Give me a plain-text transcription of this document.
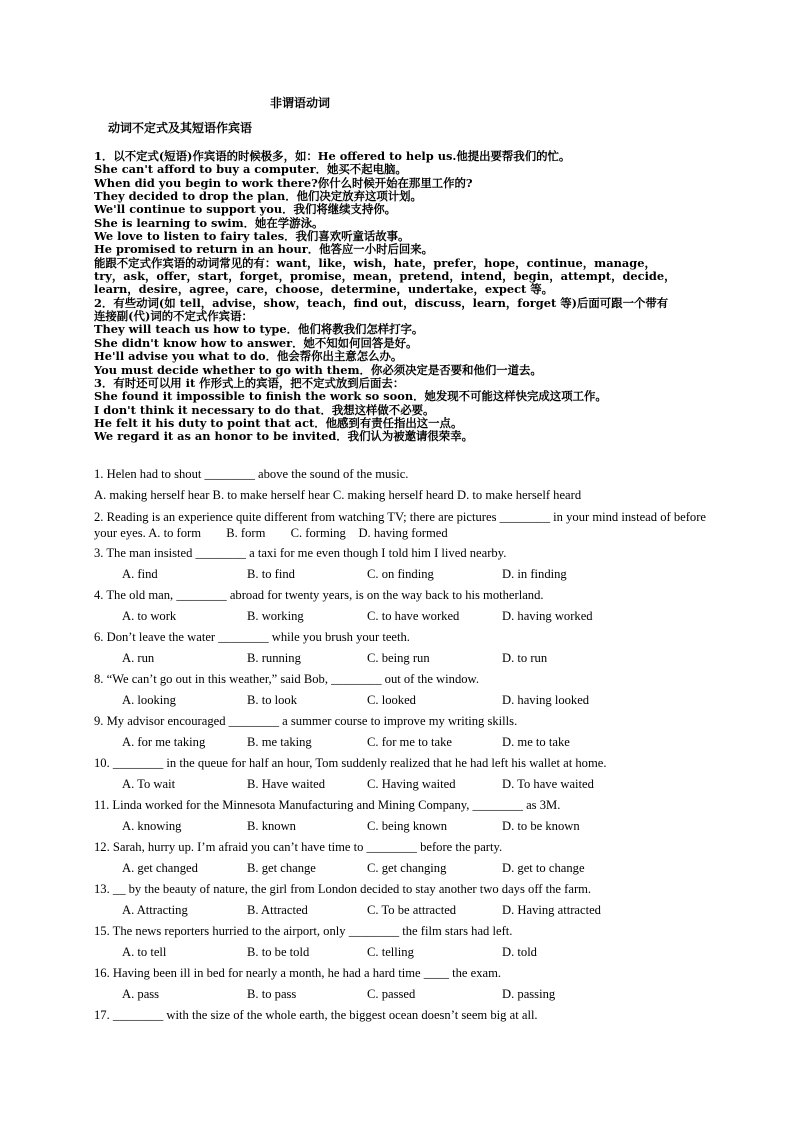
非谓语动词
动词不定式及其短语作宾语
1．以不定式(短语)作宾语的时候极多，如：He offered to help us.他提出要帮我们的忙。
She can't afford to buy a computer．她买不起电脑。
When did you begin to work there?你什么时候开始在那里工作的?
They decided to drop the plan．他们决定放弃这项计划。
We'll continue to support you．我们将继续支持你。
She is learning to swim．她在学游泳。
We love to listen to fairy tales．我们喜欢听童话故事。
He promised to return in an hour．他答应一小时后回来。
能跟不定式作宾语的动词常见的有：want，like，wish，hate，prefer，hope，continue，manage，
try，ask，offer，start，forget，promise，mean，pretend，intend，begin，attempt，decide，
learn，desire，agree，care，choose，determine，undertake，expect 等。
2．有些动词(如 tell，advise，show，teach，find out，discuss，learn，forget 等)后面可跟一个带有
连接副(代)词的不定式作宾语：
They will teach us how to type．他们将教我们怎样打字。
She didn't know how to answer．她不知如何回答是好。
He'll advise you what to do．他会帮你出主意怎么办。
You must decide whether to go with them．你必须决定是否要和他们一道去。
3．有时还可以用 it 作形式上的宾语，把不定式放到后面去：
She found it impossible to finish the work so soon．她发现不可能这样快完成这项工作。
I don't think it necessary to do that．我想这样做不必要。
He felt it his duty to point that act．他感到有责任指出这一点。
We regard it as an honor to be invited．我们认为被邀请很荣幸。
1. Helen had to shout ________ above the sound of the music.
A. making herself hear B. to make herself hear C. making herself heard D. to make herself heard
2. Reading is an experience quite different from watching TV; there are pictures ________ in your mind instead of before your eyes. A. to form　　B. form　　C. forming　D. having formed
3. The man insisted ________ a taxi for me even though I told him I lived nearby.
A. find	B. to find	C. on finding	D. in finding
4. The old man, ________ abroad for twenty years, is on the way back to his motherland.
A. to work	B. working	C. to have worked	D. having worked
6. Don’t leave the water ________ while you brush your teeth.
A. run	B. running	C. being run	D. to run
8. “We can’t go out in this weather,” said Bob, ________ out of the window.
A. looking	B. to look	C. looked	D. having looked
9. My advisor encouraged ________ a summer course to improve my writing skills.
A. for me taking	B. me taking	C. for me to take	D. me to take
10. ________ in the queue for half an hour, Tom suddenly realized that he had left his wallet at home.
A. To wait	B. Have waited	C. Having waited	D. To have waited
11. Linda worked for the Minnesota Manufacturing and Mining Company, ________ as 3M.
A. knowing	B. known	C. being known	D. to be known
12. Sarah, hurry up. I’m afraid you can’t have time to ________ before the party.
A. get changed	B. get change	C. get changing	D. get to change
13. __ by the beauty of nature, the girl from London decided to stay another two days off the farm.
A. Attracting	B. Attracted	C. To be attracted	D. Having attracted
15. The news reporters hurried to the airport, only ________ the film stars had left.
A. to tell	B. to be told	C. telling	D. told
16. Having been ill in bed for nearly a month, he had a hard time ____ the exam.
A. pass	B. to pass	C. passed	D. passing
17. ________ with the size of the whole earth, the biggest ocean doesn’t seem big at all.
